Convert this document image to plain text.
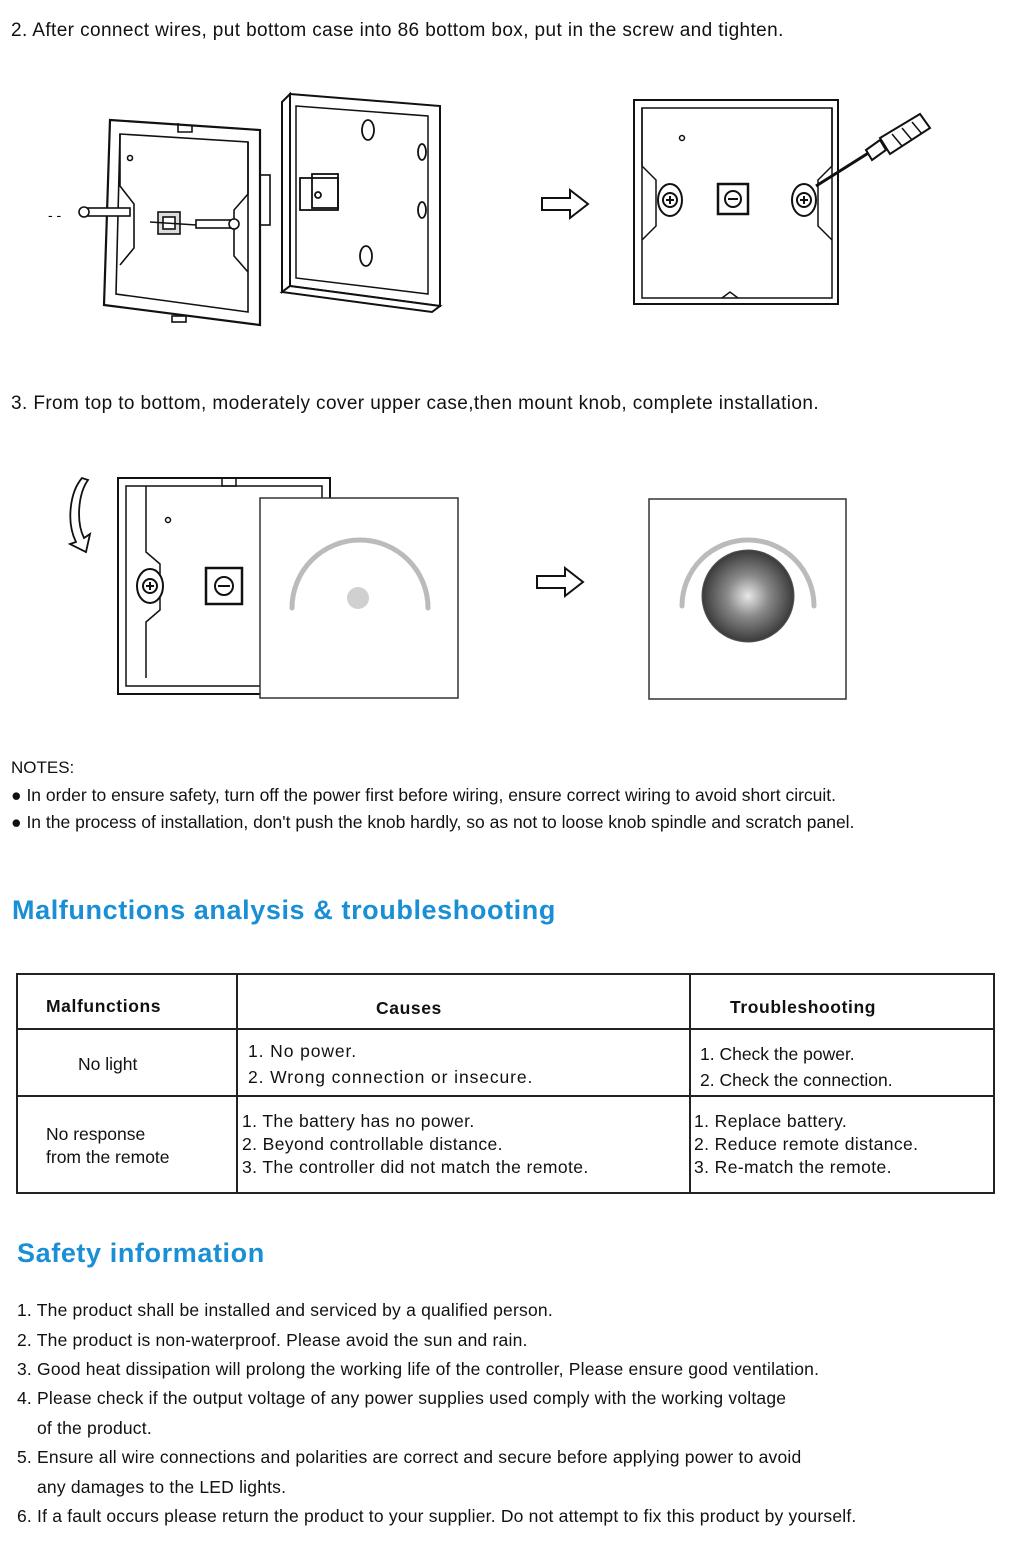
2. After connect wires, put bottom case into 86 bottom box, put in the screw and tighten.
- -
3. From top to bottom, moderately cover upper case,then mount knob, complete installation.
NOTES:
● In order to ensure safety, turn off the power first before wiring, ensure correct wiring to avoid short circuit.
● In the process of installation, don't push the knob hardly, so as not to loose knob spindle and scratch panel.
Malfunctions analysis & troubleshooting
Malfunctions	Causes	Troubleshooting
No light
1. No power.
2. Wrong connection or insecure.
1. Check the power.
2. Check the connection.
No response
from the remote
1. The battery has no power.
2. Beyond controllable distance.
3. The controller did not match the remote.
1. Replace battery.
2. Reduce remote distance.
3. Re-match the remote.
Safety information
1. The product shall be installed and serviced by a qualified person.
2. The product is non-waterproof. Please avoid the sun and rain.
3. Good heat dissipation will prolong the working life of the controller, Please ensure good ventilation.
4. Please check if the output voltage of any power supplies used comply with the working voltage
of the product.
5. Ensure all wire connections and polarities are correct and secure before applying power to avoid
any damages to the LED lights.
6. If a fault occurs please return the product to your supplier. Do not attempt to fix this product by yourself.
